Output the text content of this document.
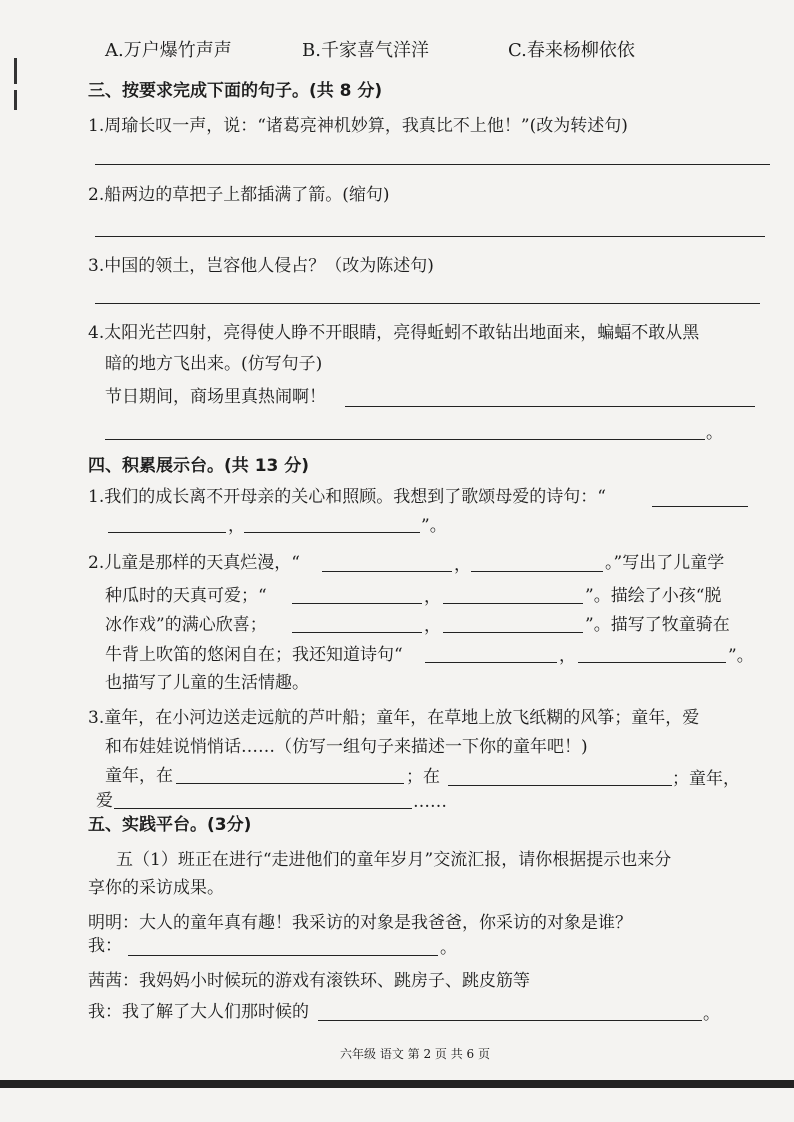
A.万户爆竹声声	B.千家喜气洋洋	C.春来杨柳依依
三、按要求完成下面的句子。(共 8 分)
1.周瑜长叹一声，说：“诸葛亮神机妙算，我真比不上他！”(改为转述句)
2.船两边的草把子上都插满了箭。(缩句)
3.中国的领土，岂容他人侵占？（改为陈述句)
4.太阳光芒四射，亮得使人睁不开眼睛，亮得蚯蚓不敢钻出地面来，蝙蝠不敢从黑
暗的地方飞出来。(仿写句子)
节日期间，商场里真热闹啊！
。
四、积累展示台。(共 13 分)
1.我们的成长离不开母亲的关心和照顾。我想到了歌颂母爱的诗句：“
，	”。
2.儿童是那样的天真烂漫，“	，	。”写出了儿童学
种瓜时的天真可爱；“	，	”。描绘了小孩“脱
冰作戏”的满心欣喜；	，	”。描写了牧童骑在
牛背上吹笛的悠闲自在；我还知道诗句“	，	”。
也描写了儿童的生活情趣。
3.童年，在小河边送走远航的芦叶船；童年，在草地上放飞纸糊的风筝；童年，爱
和布娃娃说悄悄话……（仿写一组句子来描述一下你的童年吧！)
童年，在	；在	；童年，
爱	……
五、实践平台。(3分)
五（1）班正在进行“走进他们的童年岁月”交流汇报，请你根据提示也来分
享你的采访成果。
明明：大人的童年真有趣！我采访的对象是我爸爸，你采访的对象是谁？
我：	。
茜茜：我妈妈小时候玩的游戏有滚铁环、跳房子、跳皮筋等
我：我了解了大人们那时候的	。
六年级 语文 第 2 页 共 6 页
